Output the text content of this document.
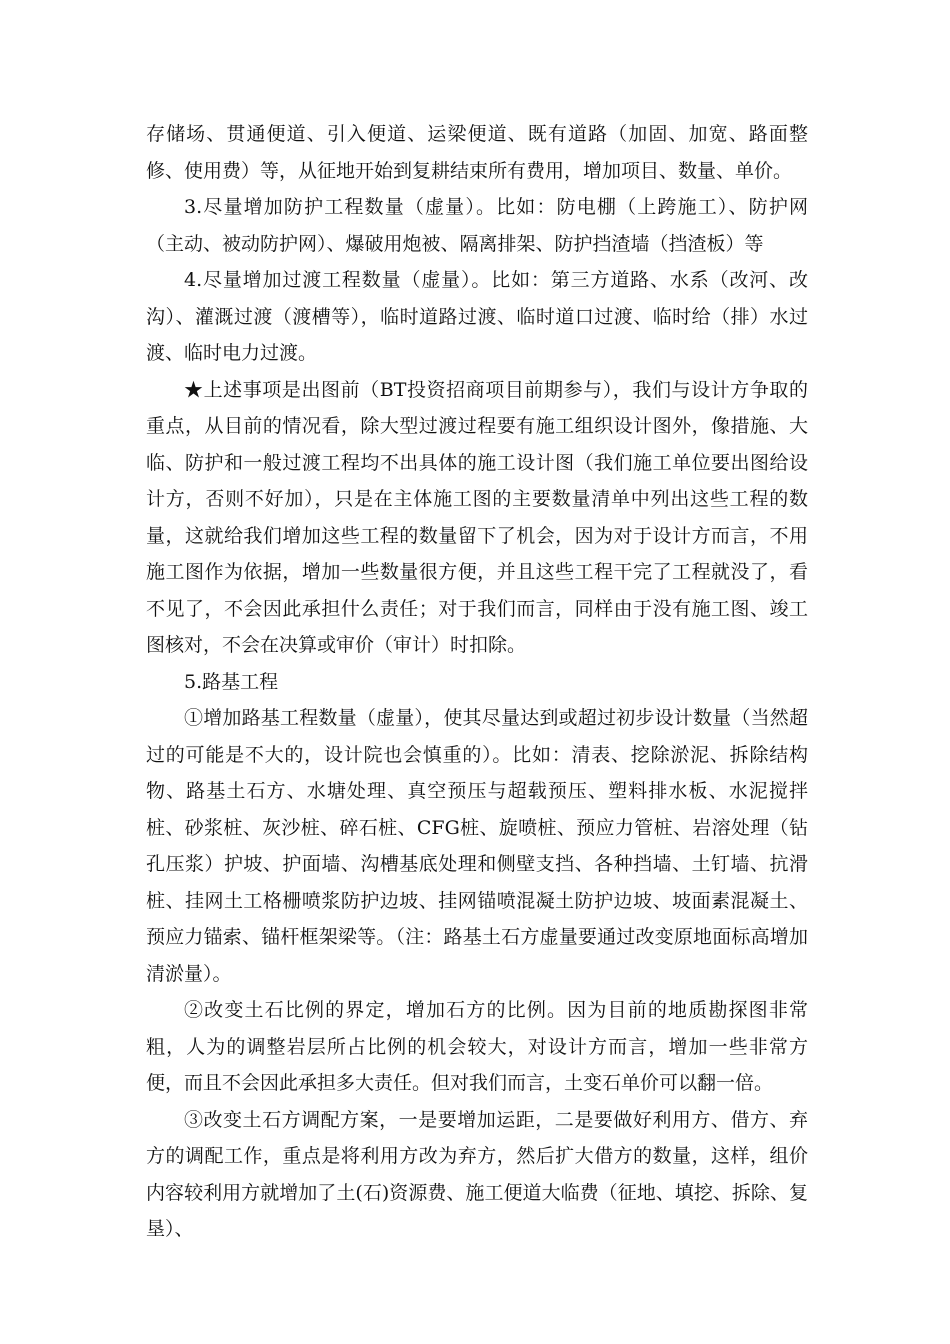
存储场、贯通便道、引入便道、运梁便道、既有道路（加固、加宽、路面整修、使用费）等，从征地开始到复耕结束所有费用，增加项目、数量、单价。

3.尽量增加防护工程数量（虚量）。比如：防电棚（上跨施工）、防护网（主动、被动防护网）、爆破用炮被、隔离排架、防护挡渣墙（挡渣板）等

4.尽量增加过渡工程数量（虚量）。比如：第三方道路、水系（改河、改沟）、灌溉过渡（渡槽等），临时道路过渡、临时道口过渡、临时给（排）水过渡、临时电力过渡。

★上述事项是出图前（BT投资招商项目前期参与），我们与设计方争取的重点，从目前的情况看，除大型过渡过程要有施工组织设计图外，像措施、大临、防护和一般过渡工程均不出具体的施工设计图（我们施工单位要出图给设计方，否则不好加），只是在主体施工图的主要数量清单中列出这些工程的数量，这就给我们增加这些工程的数量留下了机会，因为对于设计方而言，不用施工图作为依据，增加一些数量很方便，并且这些工程干完了工程就没了，看不见了，不会因此承担什么责任；对于我们而言，同样由于没有施工图、竣工图核对，不会在决算或审价（审计）时扣除。

5.路基工程

①增加路基工程数量（虚量），使其尽量达到或超过初步设计数量（当然超过的可能是不大的，设计院也会慎重的）。比如：清表、挖除淤泥、拆除结构物、路基土石方、水塘处理、真空预压与超载预压、塑料排水板、水泥搅拌桩、砂浆桩、灰沙桩、碎石桩、CFG桩、旋喷桩、预应力管桩、岩溶处理（钻孔压浆）护坡、护面墙、沟槽基底处理和侧壁支挡、各种挡墙、土钉墙、抗滑桩、挂网土工格栅喷浆防护边坡、挂网锚喷混凝土防护边坡、坡面素混凝土、预应力锚索、锚杆框架梁等。（注：路基土石方虚量要通过改变原地面标高增加清淤量）。

②改变土石比例的界定，增加石方的比例。因为目前的地质勘探图非常粗，人为的调整岩层所占比例的机会较大，对设计方而言，增加一些非常方便，而且不会因此承担多大责任。但对我们而言，土变石单价可以翻一倍。

③改变土石方调配方案，一是要增加运距，二是要做好利用方、借方、弃方的调配工作，重点是将利用方改为弃方，然后扩大借方的数量，这样，组价内容较利用方就增加了土(石)资源费、施工便道大临费（征地、填挖、拆除、复垦）、
